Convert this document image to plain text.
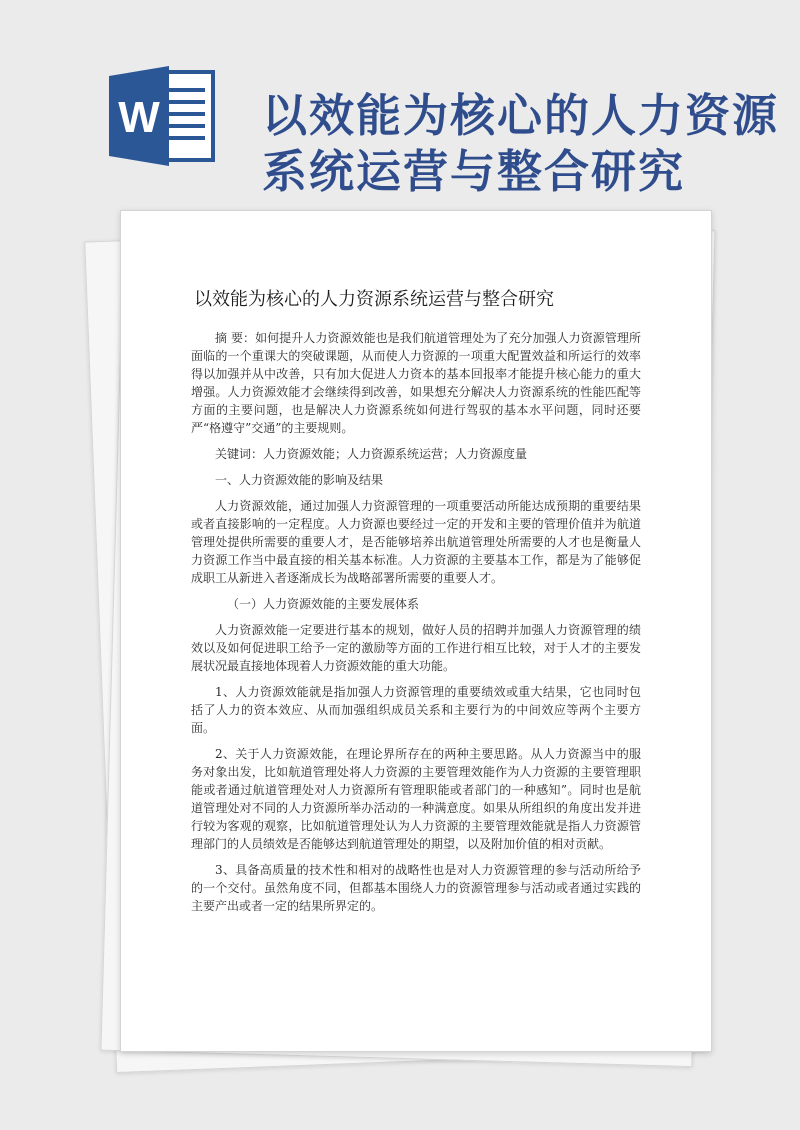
W 以效能为核心的人力资源系统运营与整合研究
以效能为核心的人力资源系统运营与整合研究

摘 要：如何提升人力资源效能也是我们航道管理处为了充分加强人力资源管理所面临的一个重课大的突破课题，从而使人力资源的一项重大配置效益和所运行的效率得以加强并从中改善，只有加大促进人力资本的基本回报率才能提升核心能力的重大增强。人力资源效能才会继续得到改善，如果想充分解决人力资源系统的性能匹配等方面的主要问题，也是解决人力资源系统如何进行驾驭的基本水平问题，同时还要严“格遵守”交通”的主要规则。

关键词：人力资源效能；人力资源系统运营；人力资源度量

一、人力资源效能的影响及结果

人力资源效能，通过加强人力资源管理的一项重要活动所能达成预期的重要结果或者直接影响的一定程度。人力资源也要经过一定的开发和主要的管理价值并为航道管理处提供所需要的重要人才，是否能够培养出航道管理处所需要的人才也是衡量人力资源工作当中最直接的相关基本标准。人力资源的主要基本工作，都是为了能够促成职工从新进入者逐渐成长为战略部署所需要的重要人才。

（一）人力资源效能的主要发展体系

人力资源效能一定要进行基本的规划，做好人员的招聘并加强人力资源管理的绩效以及如何促进职工给予一定的激励等方面的工作进行相互比较，对于人才的主要发展状况最直接地体现着人力资源效能的重大功能。

1、人力资源效能就是指加强人力资源管理的重要绩效或重大结果，它也同时包括了人力的资本效应、从而加强组织成员关系和主要行为的中间效应等两个主要方面。

2、关于人力资源效能，在理论界所存在的两种主要思路。从人力资源当中的服务对象出发，比如航道管理处将人力资源的主要管理效能作为人力资源的主要管理职能或者通过航道管理处对人力资源所有管理职能或者部门的一种感知”。同时也是航道管理处对不同的人力资源所举办活动的一种满意度。如果从所组织的角度出发并进行较为客观的观察，比如航道管理处认为人力资源的主要管理效能就是指人力资源管理部门的人员绩效是否能够达到航道管理处的期望，以及附加价值的相对贡献。

3、具备高质量的技术性和相对的战略性也是对人力资源管理的参与活动所给予的一个交付。虽然角度不同，但都基本围绕人力的资源管理参与活动或者通过实践的主要产出或者一定的结果所界定的。
